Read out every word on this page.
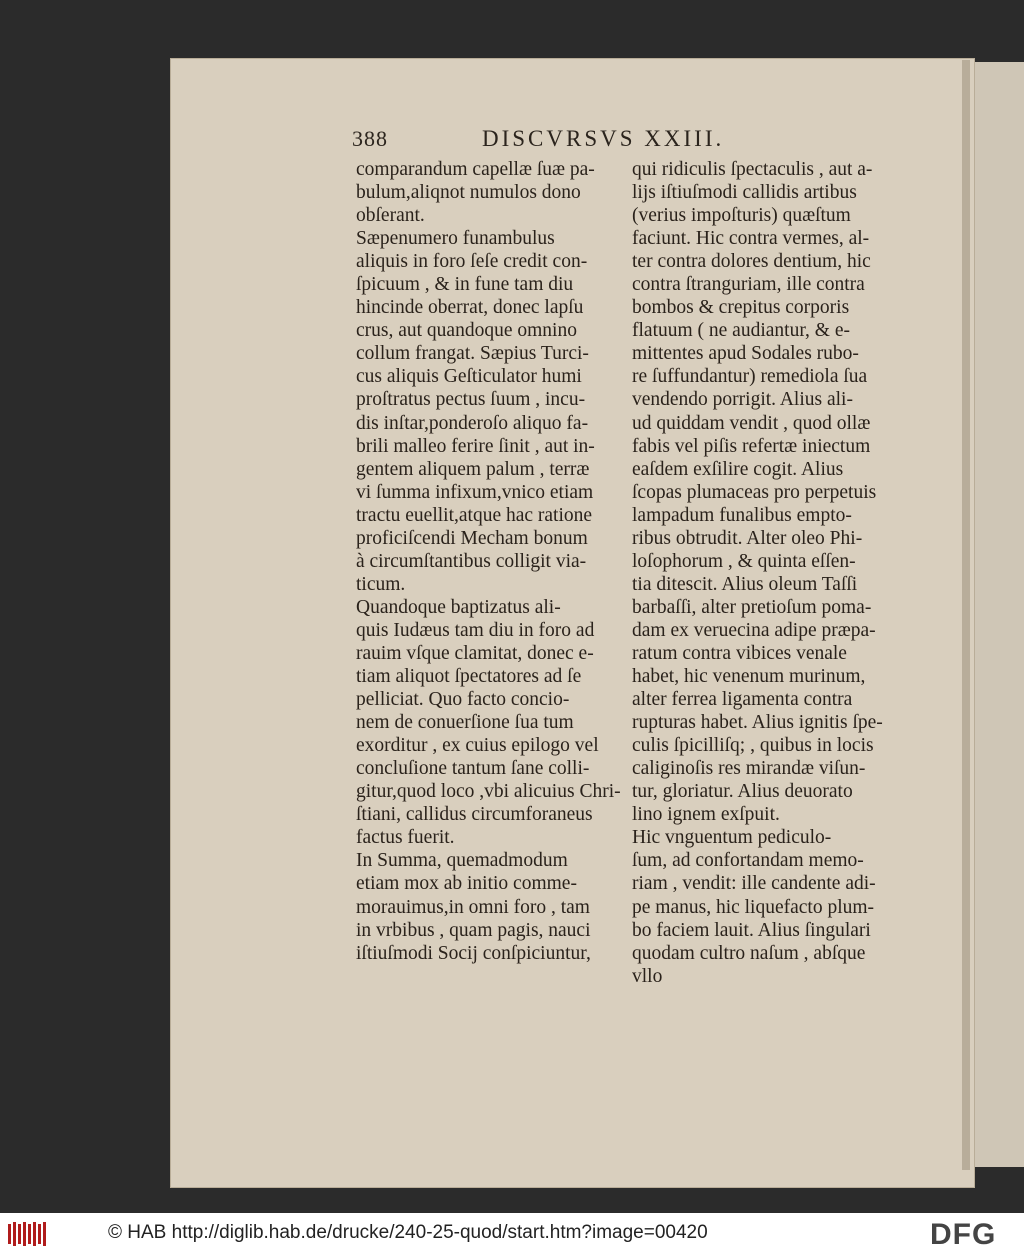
388	DISCVRSVS XXIII.
comparandum capellæ ſuæ pa-
bulum,aliqnot numulos dono
obſerant.
Sæpenumero funambulus
aliquis in foro ſeſe credit con-
ſpicuum , & in fune tam diu
hincinde oberrat, donec lapſu
crus, aut quandoque omnino
collum frangat. Sæpius Turci-
cus aliquis Geſticulator humi
proſtratus pectus ſuum , incu-
dis inſtar,ponderoſo aliquo fa-
brili malleo ferire ſinit , aut in-
gentem aliquem palum , terræ
vi ſumma infixum,vnico etiam
tractu euellit,atque hac ratione
proficiſcendi Mecham bonum
à circumſtantibus colligit via-
ticum.
Quandoque baptizatus ali-
quis Iudæus tam diu in foro ad
rauim vſque clamitat, donec e-
tiam aliquot ſpectatores ad ſe
pelliciat. Quo facto concio-
nem de conuerſione ſua tum
exorditur , ex cuius epilogo vel
concluſione tantum ſane colli-
gitur,quod loco ,vbi alicuius Chri-
ſtiani, callidus circumforaneus
factus fuerit.
In Summa, quemadmodum
etiam mox ab initio comme-
morauimus,in omni foro , tam
in vrbibus , quam pagis, nauci
iſtiuſmodi Socij conſpiciuntur,
qui ridiculis ſpectaculis , aut a-
lijs iſtiuſmodi callidis artibus
(verius impoſturis) quæſtum
faciunt. Hic contra vermes, al-
ter contra dolores dentium, hic
contra ſtranguriam, ille contra
bombos & crepitus corporis
flatuum ( ne audiantur, & e-
mittentes apud Sodales rubo-
re ſuffundantur) remediola ſua
vendendo porrigit. Alius ali-
ud quiddam vendit , quod ollæ
fabis vel piſis refertæ iniectum
eaſdem exſilire cogit. Alius
ſcopas plumaceas pro perpetuis
lampadum funalibus empto-
ribus obtrudit. Alter oleo Phi-
loſophorum , & quinta eſſen-
tia ditescit. Alius oleum Taſſi
barbaſſi, alter pretioſum poma-
dam ex veruecina adipe præpa-
ratum contra vibices venale
habet, hic venenum murinum,
alter ferrea ligamenta contra
rupturas habet. Alius ignitis ſpe-
culis ſpicilliſq; , quibus in locis
caliginoſis res mirandæ viſun-
tur, gloriatur. Alius deuorato
lino ignem exſpuit.
Hic vnguentum pediculo-
ſum, ad confortandam memo-
riam , vendit: ille candente adi-
pe manus, hic liquefacto plum-
bo faciem lauit. Alius ſingulari
quodam cultro naſum , abſque
vllo
© HAB http://diglib.hab.de/drucke/240-25-quod/start.htm?image=00420	DFG
